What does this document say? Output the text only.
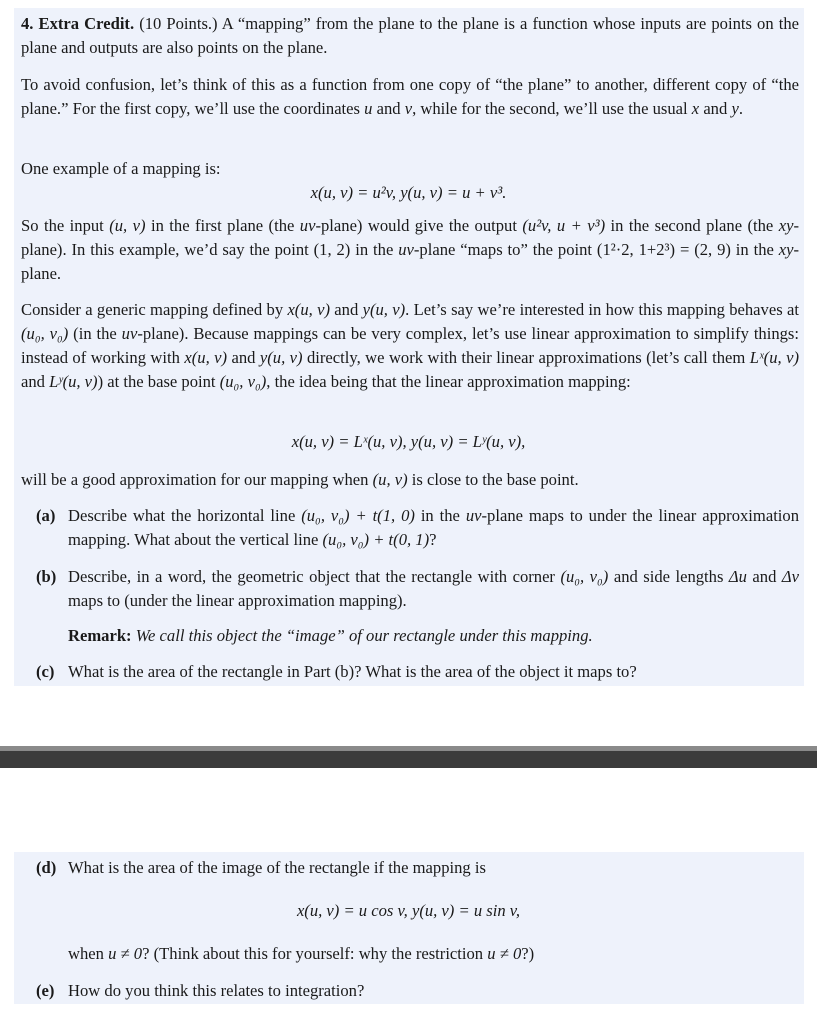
4. Extra Credit. (10 Points.) A “mapping” from the plane to the plane is a function whose inputs are points on the plane and outputs are also points on the plane.

To avoid confusion, let’s think of this as a function from one copy of “the plane” to another, different copy of “the plane.” For the first copy, we’ll use the coordinates u and v, while for the second, we’ll use the usual x and y.

One example of a mapping is:

x(u, v) = u²v, y(u, v) = u + v³.

So the input (u, v) in the first plane (the uv-plane) would give the output (u²v, u + v³) in the second plane (the xy-plane). In this example, we’d say the point (1, 2) in the uv-plane “maps to” the point (1²·2, 1+2³) = (2, 9) in the xy-plane.

Consider a generic mapping defined by x(u, v) and y(u, v). Let’s say we’re interested in how this mapping behaves at (u₀, v₀) (in the uv-plane). Because mappings can be very complex, let’s use linear approximation to simplify things: instead of working with x(u, v) and y(u, v) directly, we work with their linear approximations (let’s call them Lˣ(u, v) and Lʸ(u, v)) at the base point (u₀, v₀), the idea being that the linear approximation mapping:

x(u, v) = Lˣ(u, v), y(u, v) = Lʸ(u, v),

will be a good approximation for our mapping when (u, v) is close to the base point.

(a) Describe what the horizontal line (u₀, v₀) + t(1, 0) in the uv-plane maps to under the linear approximation mapping. What about the vertical line (u₀, v₀) + t(0, 1)?

(b) Describe, in a word, the geometric object that the rectangle with corner (u₀, v₀) and side lengths Δu and Δv maps to (under the linear approximation mapping).

Remark: We call this object the “image” of our rectangle under this mapping.

(c) What is the area of the rectangle in Part (b)? What is the area of the object it maps to?

(d) What is the area of the image of the rectangle if the mapping is

x(u, v) = u cos v, y(u, v) = u sin v,

when u ≠ 0? (Think about this for yourself: why the restriction u ≠ 0?)

(e) How do you think this relates to integration?
